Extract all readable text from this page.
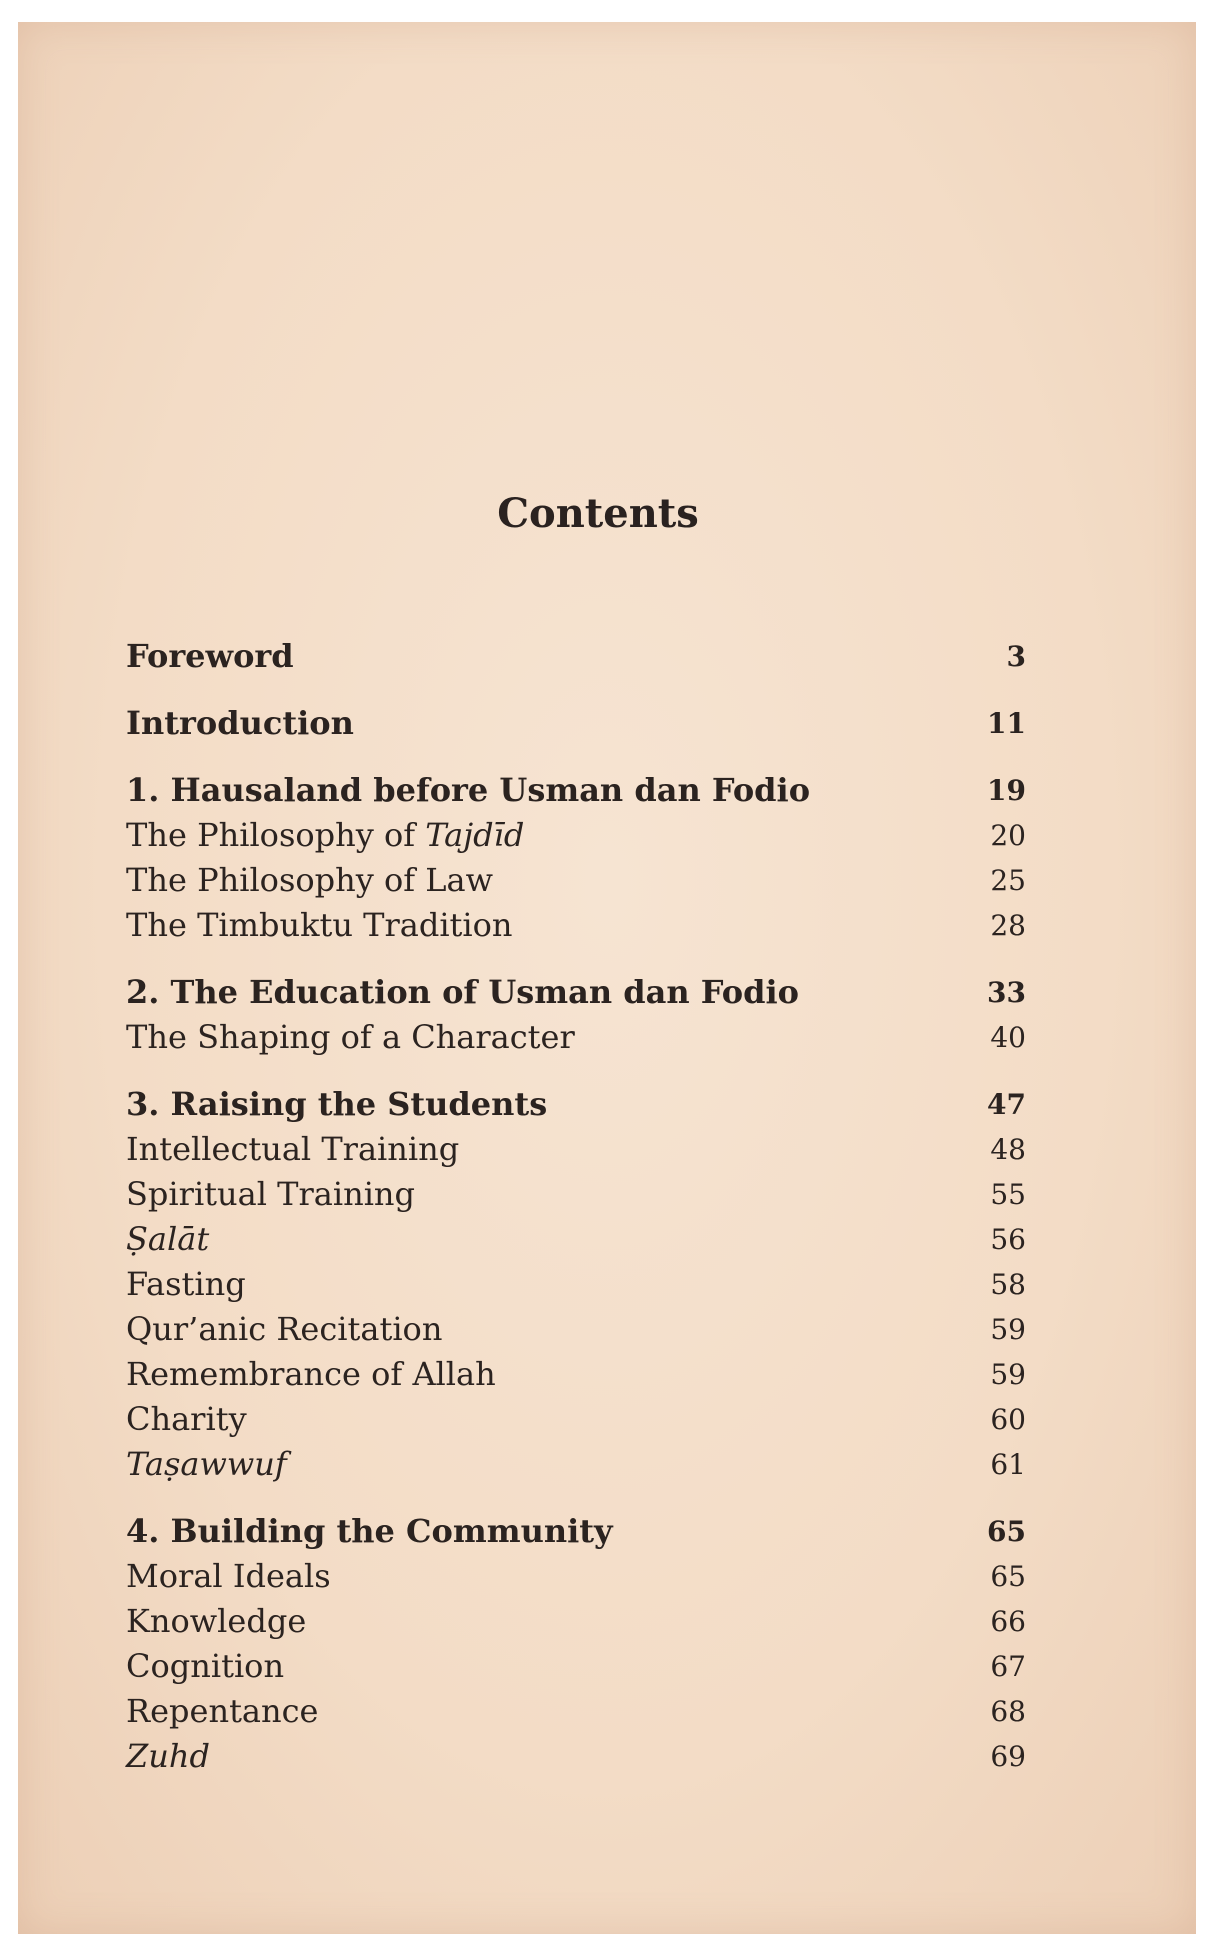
Contents
Foreword	3
Introduction	11
1. Hausaland before Usman dan Fodio	19
The Philosophy of Tajdīd	20
The Philosophy of Law	25
The Timbuktu Tradition	28
2. The Education of Usman dan Fodio	33
The Shaping of a Character	40
3. Raising the Students	47
Intellectual Training	48
Spiritual Training	55
Ṣalāt	56
Fasting	58
Qur’anic Recitation	59
Remembrance of Allah	59
Charity	60
Taṣawwuf	61
4. Building the Community	65
Moral Ideals	65
Knowledge	66
Cognition	67
Repentance	68
Zuhd	69
